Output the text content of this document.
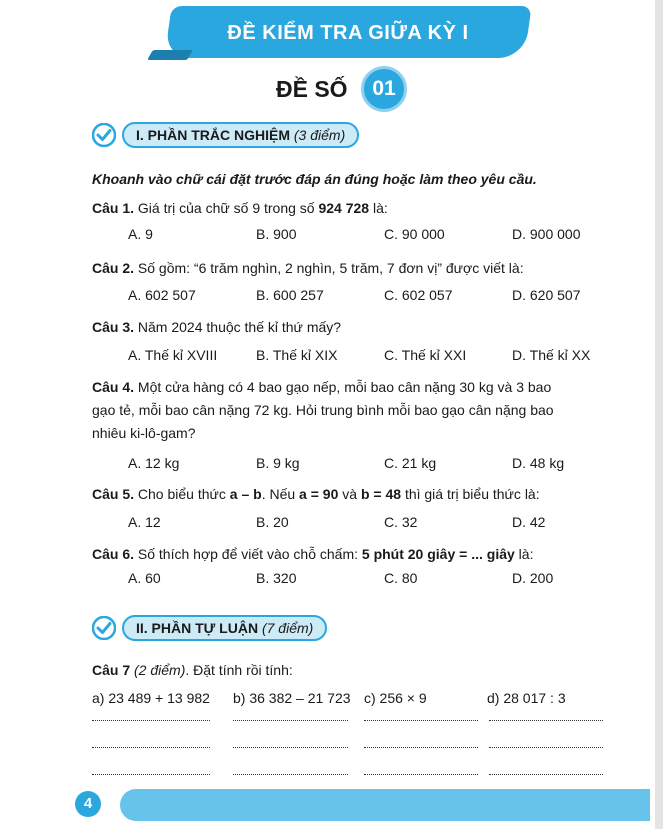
ĐỀ KIỂM TRA GIỮA KỲ I
ĐỀ SỐ	01
I. PHẦN TRẮC NGHIỆM (3 điểm)
Khoanh vào chữ cái đặt trước đáp án đúng hoặc làm theo yêu cầu.
Câu 1. Giá trị của chữ số 9 trong số 924 728 là:
A. 9	B. 900	C. 90 000	D. 900 000
Câu 2. Số gồm: “6 trăm nghìn, 2 nghìn, 5 trăm, 7 đơn vị” được viết là:
A. 602 507	B. 600 257	C. 602 057	D. 620 507
Câu 3. Năm 2024 thuộc thế kỉ thứ mấy?
A. Thế kỉ XVIII	B. Thế kỉ XIX	C. Thế kỉ XXI	D. Thế kỉ XX
Câu 4. Một cửa hàng có 4 bao gạo nếp, mỗi bao cân nặng 30 kg và 3 bao
gạo tẻ, mỗi bao cân nặng 72 kg. Hỏi trung bình mỗi bao gạo cân nặng bao
nhiêu ki-lô-gam?
A. 12 kg	B. 9 kg	C. 21 kg	D. 48 kg
Câu 5. Cho biểu thức a – b. Nếu a = 90 và b = 48 thì giá trị biểu thức là:
A. 12	B. 20	C. 32	D. 42
Câu 6. Số thích hợp để viết vào chỗ chấm: 5 phút 20 giây = ... giây là:
A. 60	B. 320	C. 80	D. 200
II. PHẦN TỰ LUẬN (7 điểm)
Câu 7 (2 điểm). Đặt tính rồi tính:
a) 23 489 + 13 982 b) 36 382 – 21 723 c) 256 × 9	d) 28 017 : 3
4
